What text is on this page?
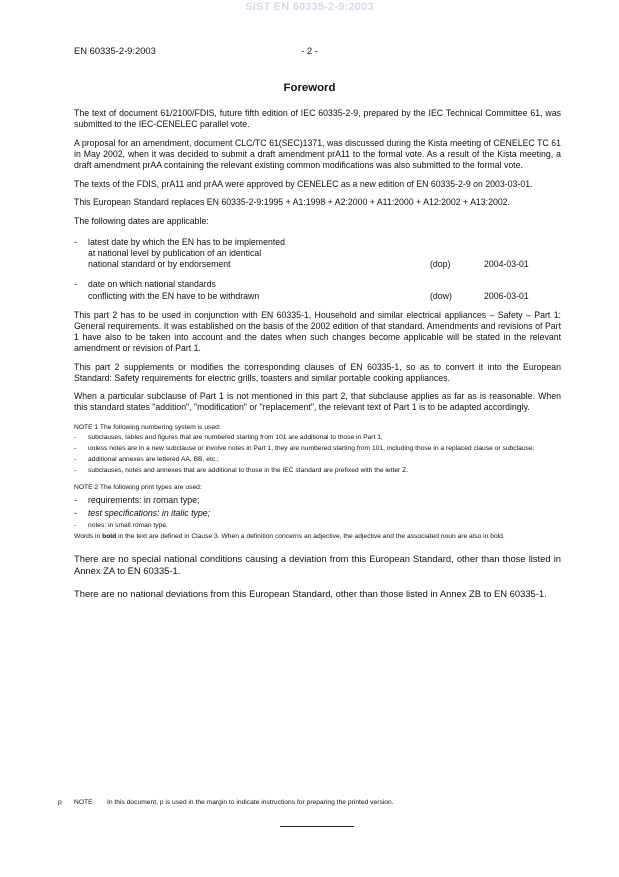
SIST EN 60335-2-9:2003
EN 60335-2-9:2003	- 2 -
Foreword

The text of document 61/2100/FDIS, future fifth edition of IEC 60335-2-9, prepared by the IEC Technical Committee 61, was submitted to the IEC-CENELEC parallel vote.

A proposal for an amendment, document CLC/TC 61(SEC)1371, was discussed during the Kista meeting of CENELEC TC 61 in May 2002, when it was decided to submit a draft amendment prA11 to the formal vote. As a result of the Kista meeting, a draft amendment prAA containing the relevant existing common modifications was also submitted to the formal vote.

The texts of the FDIS, prA11 and prAA were approved by CENELEC as a new edition of EN 60335-2-9 on 2003-03-01.

This European Standard replaces EN 60335-2-9:1995 + A1:1998 + A2:2000 + A11:2000 + A12:2002 + A13:2002.

The following dates are applicable:

-	latest date by which the EN has to be implemented
at national level by publication of an identical
national standard or by endorsement	(dop)	2004-03-01
-	date on which national standards
conflicting with the EN have to be withdrawn	(dow)	2006-03-01

This part 2 has to be used in conjunction with EN 60335-1, Household and similar electrical appliances – Safety – Part 1: General requirements. It was established on the basis of the 2002 edition of that standard. Amendments and revisions of Part 1 have also to be taken into account and the dates when such changes become applicable will be stated in the relevant amendment or revision of Part 1.

This part 2 supplements or modifies the corresponding clauses of EN 60335-1, so as to convert it into the European Standard: Safety requirements for electric grills, toasters and similar portable cooking appliances.

When a particular subclause of Part 1 is not mentioned in this part 2, that subclause applies as far as is reasonable. When this standard states "addition", "modification" or "replacement", the relevant text of Part 1 is to be adapted accordingly.

NOTE 1 The following numbering system is used:
-	subclauses, tables and figures that are numbered starting from 101 are additional to those in Part 1;
-	unless notes are in a new subclause or involve notes in Part 1, they are numbered starting from 101, including those in a replaced clause or subclause;
-	additional annexes are lettered AA, BB, etc.;
-	subclauses, notes and annexes that are additional to those in the IEC standard are prefixed with the letter Z.
NOTE 2 The following print types are used:
-	requirements: in roman type;
-	test specifications: in italic type;
-	notes: in small roman type.
Words in bold in the text are defined in Clause 3. When a definition concerns an adjective, the adjective and the associated noun are also in bold.
There are no special national conditions causing a deviation from this European Standard, other than those listed in Annex ZA to EN 60335-1.
There are no national deviations from this European Standard, other than those listed in Annex ZB to EN 60335-1.
p	NOTE	In this document, p is used in the margin to indicate instructions for preparing the printed version.
